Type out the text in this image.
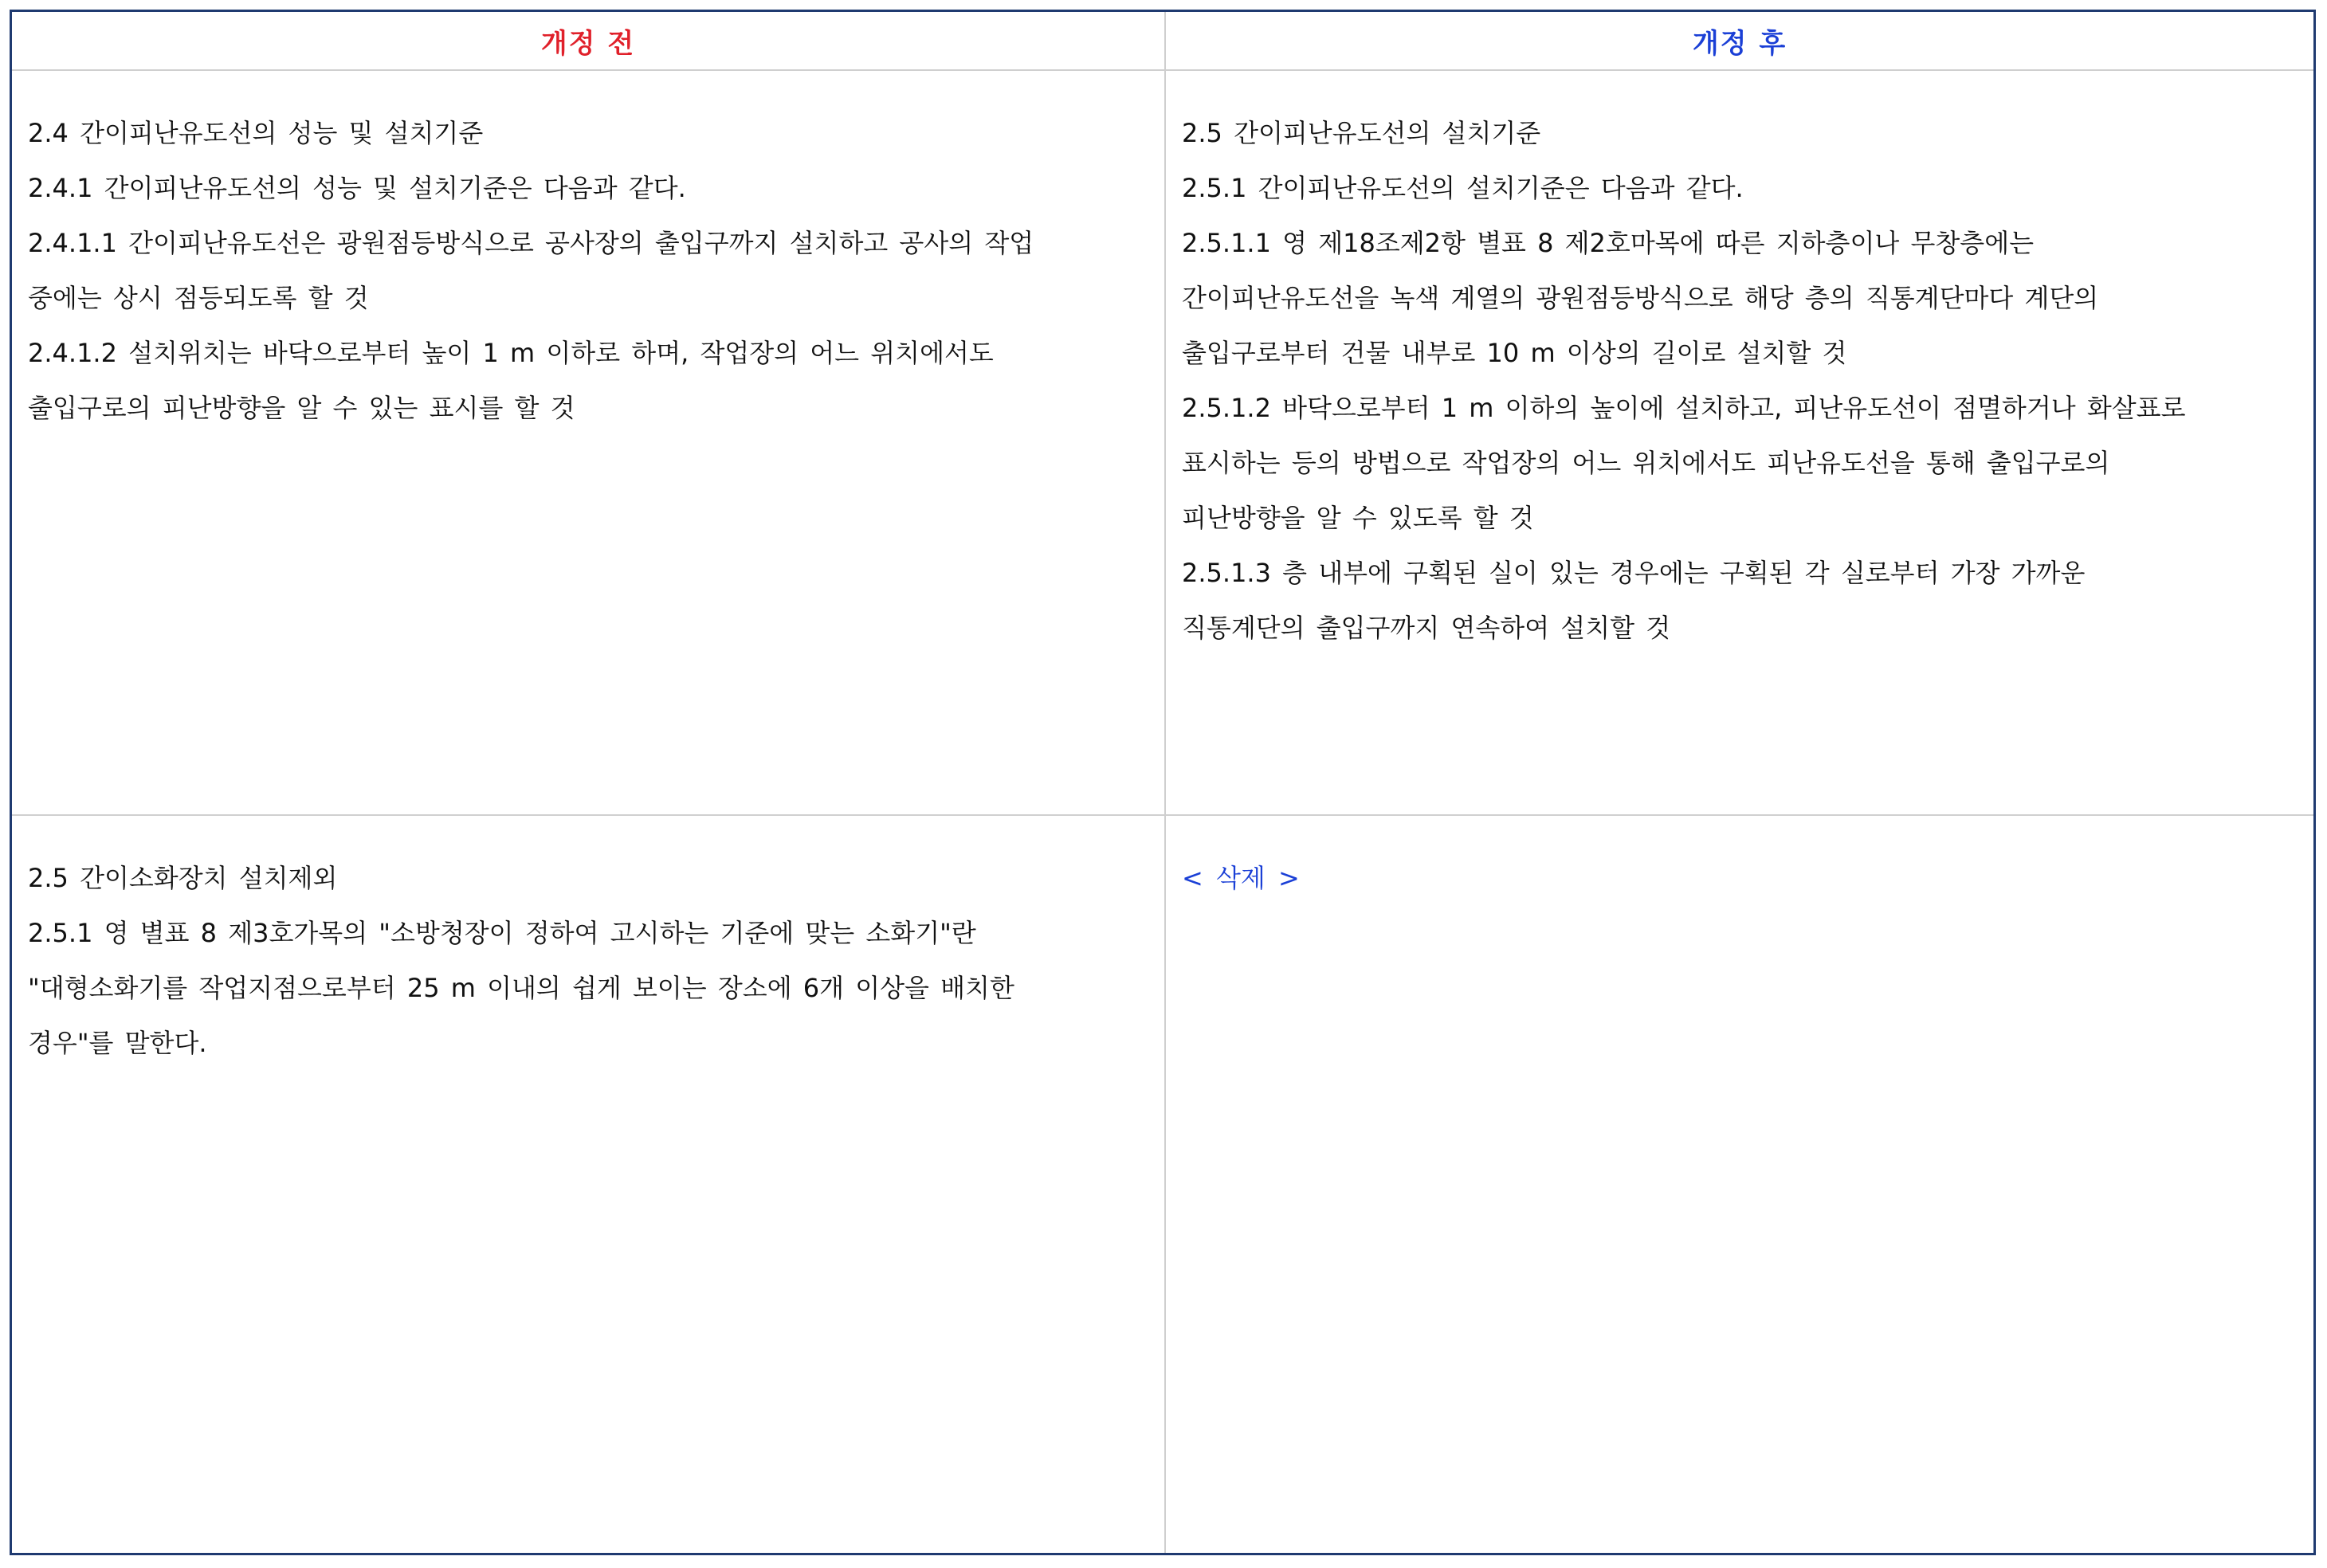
개정 전	개정 후
2.4 간이피난유도선의 성능 및 설치기준
2.4.1 간이피난유도선의 성능 및 설치기준은 다음과 같다.
2.4.1.1 간이피난유도선은 광원점등방식으로 공사장의 출입구까지 설치하고 공사의 작업
중에는 상시 점등되도록 할 것
2.4.1.2 설치위치는 바닥으로부터 높이 1 m 이하로 하며, 작업장의 어느 위치에서도
출입구로의 피난방향을 알 수 있는 표시를 할 것
2.5 간이피난유도선의 설치기준
2.5.1 간이피난유도선의 설치기준은 다음과 같다.
2.5.1.1 영 제18조제2항 별표 8 제2호마목에 따른 지하층이나 무창층에는
간이피난유도선을 녹색 계열의 광원점등방식으로 해당 층의 직통계단마다 계단의
출입구로부터 건물 내부로 10 m 이상의 길이로 설치할 것
2.5.1.2 바닥으로부터 1 m 이하의 높이에 설치하고, 피난유도선이 점멸하거나 화살표로
표시하는 등의 방법으로 작업장의 어느 위치에서도 피난유도선을 통해 출입구로의
피난방향을 알 수 있도록 할 것
2.5.1.3 층 내부에 구획된 실이 있는 경우에는 구획된 각 실로부터 가장 가까운
직통계단의 출입구까지 연속하여 설치할 것
2.5 간이소화장치 설치제외
2.5.1 영 별표 8 제3호가목의 "소방청장이 정하여 고시하는 기준에 맞는 소화기"란
"대형소화기를 작업지점으로부터 25 m 이내의 쉽게 보이는 장소에 6개 이상을 배치한
경우"를 말한다.
< 삭제 >
